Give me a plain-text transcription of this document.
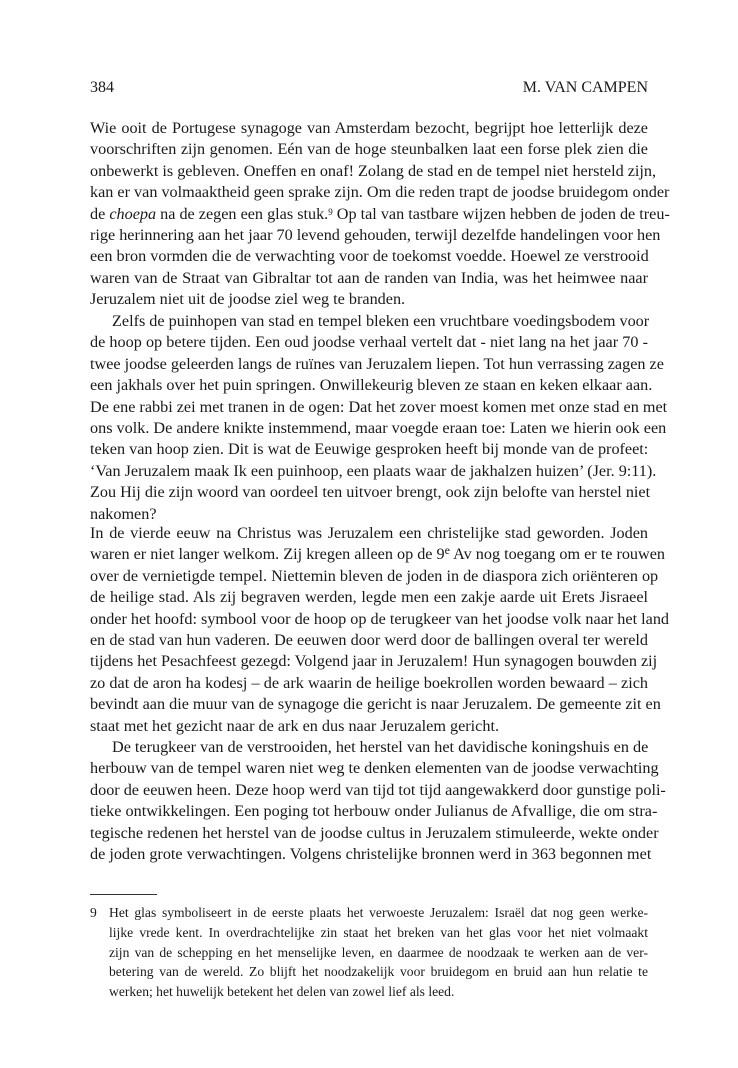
384	M. VAN CAMPEN
Wie ooit de Portugese synagoge van Amsterdam bezocht, begrijpt hoe letterlijk deze
voorschriften zijn genomen. Eén van de hoge steunbalken laat een forse plek zien die
onbewerkt is gebleven. Oneffen en onaf! Zolang de stad en de tempel niet hersteld zijn,
kan er van volmaaktheid geen sprake zijn. Om die reden trapt de joodse bruidegom onder
de choepa na de zegen een glas stuk.$^9$ Op tal van tastbare wijzen hebben de joden de treu-
rige herinnering aan het jaar 70 levend gehouden, terwijl dezelfde handelingen voor hen
een bron vormden die de verwachting voor de toekomst voedde. Hoewel ze verstrooid
waren van de Straat van Gibraltar tot aan de randen van India, was het heimwee naar
Jeruzalem niet uit de joodse ziel weg te branden.
Zelfs de puinhopen van stad en tempel bleken een vruchtbare voedingsbodem voor
de hoop op betere tijden. Een oud joodse verhaal vertelt dat - niet lang na het jaar 70 -
twee joodse geleerden langs de ruïnes van Jeruzalem liepen. Tot hun verrassing zagen ze
een jakhals over het puin springen. Onwillekeurig bleven ze staan en keken elkaar aan.
De ene rabbi zei met tranen in de ogen: Dat het zover moest komen met onze stad en met
ons volk. De andere knikte instemmend, maar voegde eraan toe: Laten we hierin ook een
teken van hoop zien. Dit is wat de Eeuwige gesproken heeft bij monde van de profeet:
‘Van Jeruzalem maak Ik een puinhoop, een plaats waar de jakhalzen huizen’ (Jer. 9:11).
Zou Hij die zijn woord van oordeel ten uitvoer brengt, ook zijn belofte van herstel niet
nakomen?
In de vierde eeuw na Christus was Jeruzalem een christelijke stad geworden. Joden
waren er niet langer welkom. Zij kregen alleen op de 9e Av nog toegang om er te rouwen
over de vernietigde tempel. Niettemin bleven de joden in de diaspora zich oriënteren op
de heilige stad. Als zij begraven werden, legde men een zakje aarde uit Erets Jisraeel
onder het hoofd: symbool voor de hoop op de terugkeer van het joodse volk naar het land
en de stad van hun vaderen. De eeuwen door werd door de ballingen overal ter wereld
tijdens het Pesachfeest gezegd: Volgend jaar in Jeruzalem! Hun synagogen bouwden zij
zo dat de aron ha kodesj – de ark waarin de heilige boekrollen worden bewaard – zich
bevindt aan die muur van de synagoge die gericht is naar Jeruzalem. De gemeente zit en
staat met het gezicht naar de ark en dus naar Jeruzalem gericht.
De terugkeer van de verstrooiden, het herstel van het davidische koningshuis en de
herbouw van de tempel waren niet weg te denken elementen van de joodse verwachting
door de eeuwen heen. Deze hoop werd van tijd tot tijd aangewakkerd door gunstige poli-
tieke ontwikkelingen. Een poging tot herbouw onder Julianus de Afvallige, die om stra-
tegische redenen het herstel van de joodse cultus in Jeruzalem stimuleerde, wekte onder
de joden grote verwachtingen. Volgens christelijke bronnen werd in 363 begonnen met
9 Het glas symboliseert in de eerste plaats het verwoeste Jeruzalem: Israël dat nog geen werke-
lijke vrede kent. In overdrachtelijke zin staat het breken van het glas voor het niet volmaakt
zijn van de schepping en het menselijke leven, en daarmee de noodzaak te werken aan de ver-
betering van de wereld. Zo blijft het noodzakelijk voor bruidegom en bruid aan hun relatie te
werken; het huwelijk betekent het delen van zowel lief als leed.
